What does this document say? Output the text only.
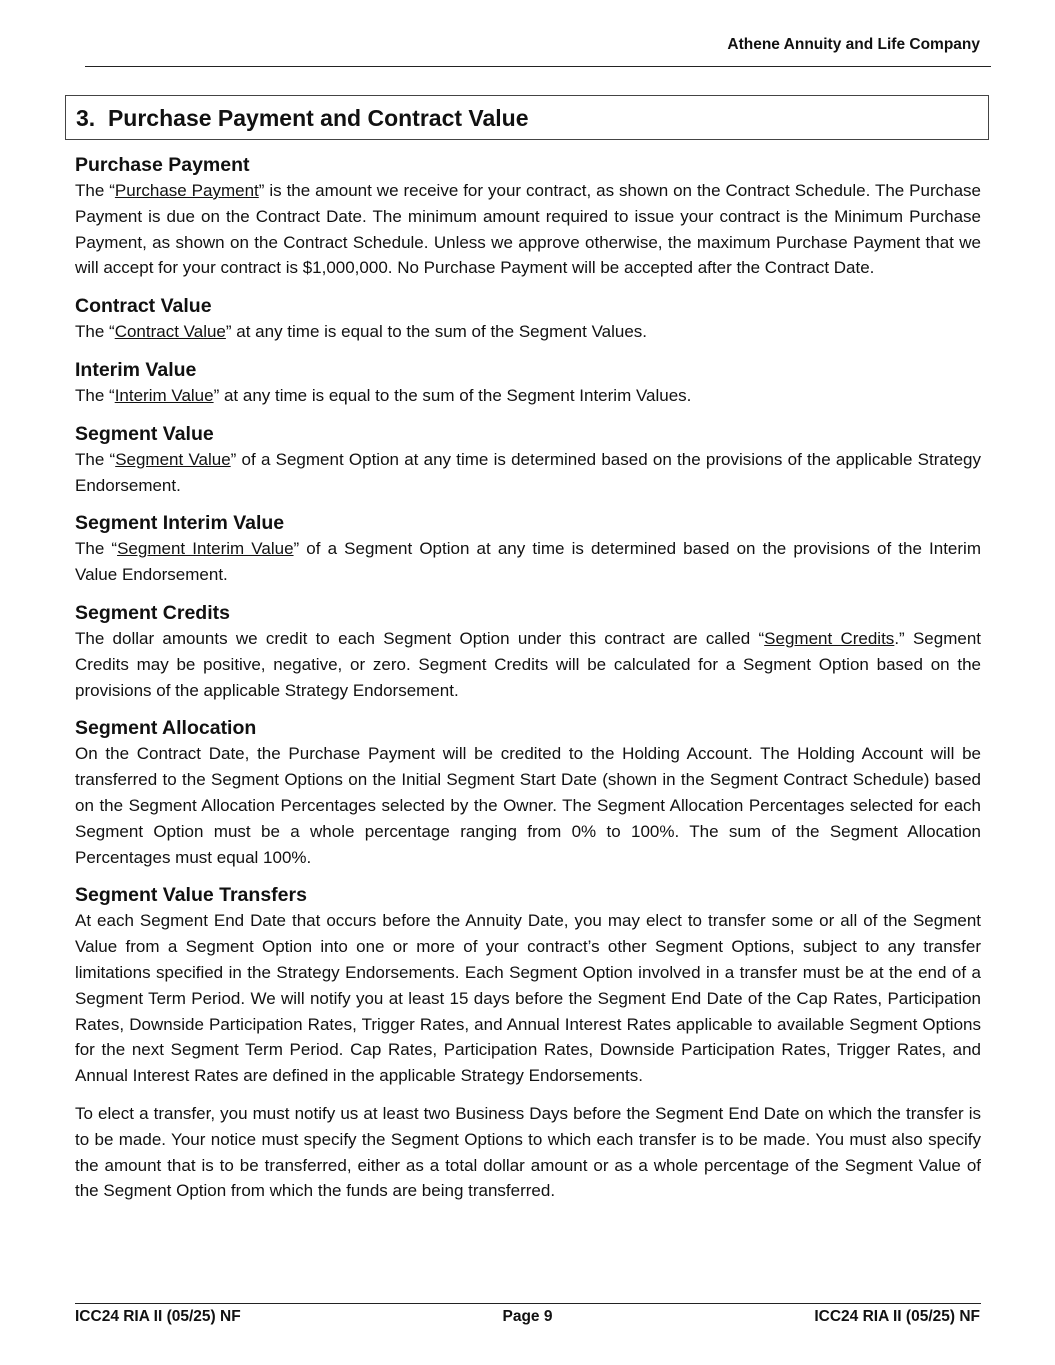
Athene Annuity and Life Company
3. Purchase Payment and Contract Value
Purchase Payment
The “Purchase Payment” is the amount we receive for your contract, as shown on the Contract Schedule. The Purchase Payment is due on the Contract Date. The minimum amount required to issue your contract is the Minimum Purchase Payment, as shown on the Contract Schedule. Unless we approve otherwise, the maximum Purchase Payment that we will accept for your contract is $1,000,000. No Purchase Payment will be accepted after the Contract Date.
Contract Value
The “Contract Value” at any time is equal to the sum of the Segment Values.
Interim Value
The “Interim Value” at any time is equal to the sum of the Segment Interim Values.
Segment Value
The “Segment Value” of a Segment Option at any time is determined based on the provisions of the applicable Strategy Endorsement.
Segment Interim Value
The “Segment Interim Value” of a Segment Option at any time is determined based on the provisions of the Interim Value Endorsement.
Segment Credits
The dollar amounts we credit to each Segment Option under this contract are called “Segment Credits.” Segment Credits may be positive, negative, or zero. Segment Credits will be calculated for a Segment Option based on the provisions of the applicable Strategy Endorsement.
Segment Allocation
On the Contract Date, the Purchase Payment will be credited to the Holding Account. The Holding Account will be transferred to the Segment Options on the Initial Segment Start Date (shown in the Segment Contract Schedule) based on the Segment Allocation Percentages selected by the Owner. The Segment Allocation Percentages selected for each Segment Option must be a whole percentage ranging from 0% to 100%. The sum of the Segment Allocation Percentages must equal 100%.
Segment Value Transfers
At each Segment End Date that occurs before the Annuity Date, you may elect to transfer some or all of the Segment Value from a Segment Option into one or more of your contract’s other Segment Options, subject to any transfer limitations specified in the Strategy Endorsements. Each Segment Option involved in a transfer must be at the end of a Segment Term Period. We will notify you at least 15 days before the Segment End Date of the Cap Rates, Participation Rates, Downside Participation Rates, Trigger Rates, and Annual Interest Rates applicable to available Segment Options for the next Segment Term Period. Cap Rates, Participation Rates, Downside Participation Rates, Trigger Rates, and Annual Interest Rates are defined in the applicable Strategy Endorsements.
To elect a transfer, you must notify us at least two Business Days before the Segment End Date on which the transfer is to be made. Your notice must specify the Segment Options to which each transfer is to be made. You must also specify the amount that is to be transferred, either as a total dollar amount or as a whole percentage of the Segment Value of the Segment Option from which the funds are being transferred.
ICC24 RIA II (05/25) NF	Page 9	ICC24 RIA II (05/25) NF
